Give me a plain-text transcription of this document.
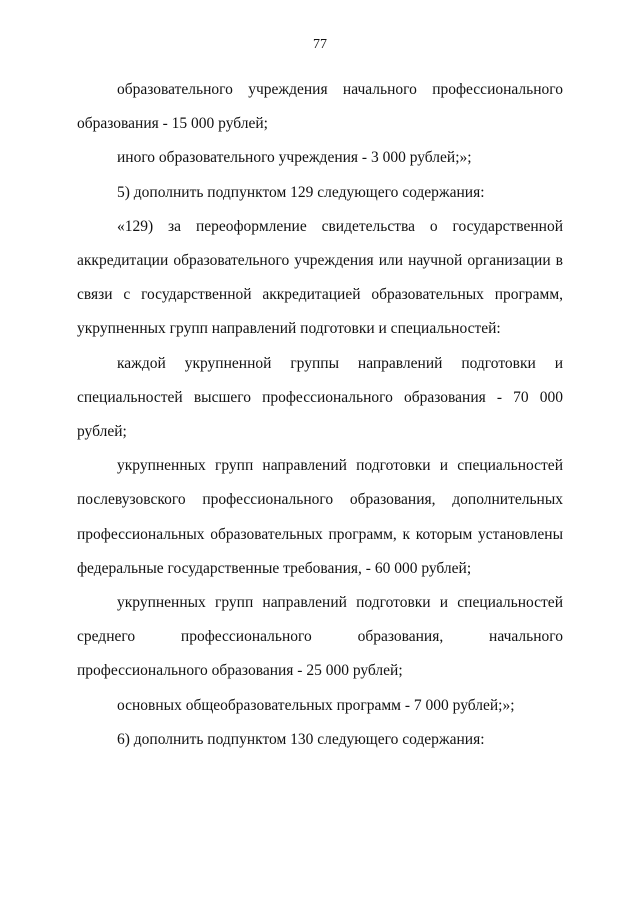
77

образовательного учреждения начального профессионального образования - 15 000 рублей;

иного образовательного учреждения - 3 000 рублей;»;

5) дополнить подпунктом 129 следующего содержания:

«129) за переоформление свидетельства о государственной аккредитации образовательного учреждения или научной организации в связи с государственной аккредитацией образовательных программ, укрупненных групп направлений подготовки и специальностей:

каждой укрупненной группы направлений подготовки и специальностей высшего профессионального образования - 70 000 рублей;

укрупненных групп направлений подготовки и специальностей послевузовского профессионального образования, дополнительных профессиональных образовательных программ, к которым установлены федеральные государственные требования, - 60 000 рублей;

укрупненных групп направлений подготовки и специальностей среднего профессионального образования, начального профессионального образования - 25 000 рублей;

основных общеобразовательных программ - 7 000 рублей;»;

6) дополнить подпунктом 130 следующего содержания:
